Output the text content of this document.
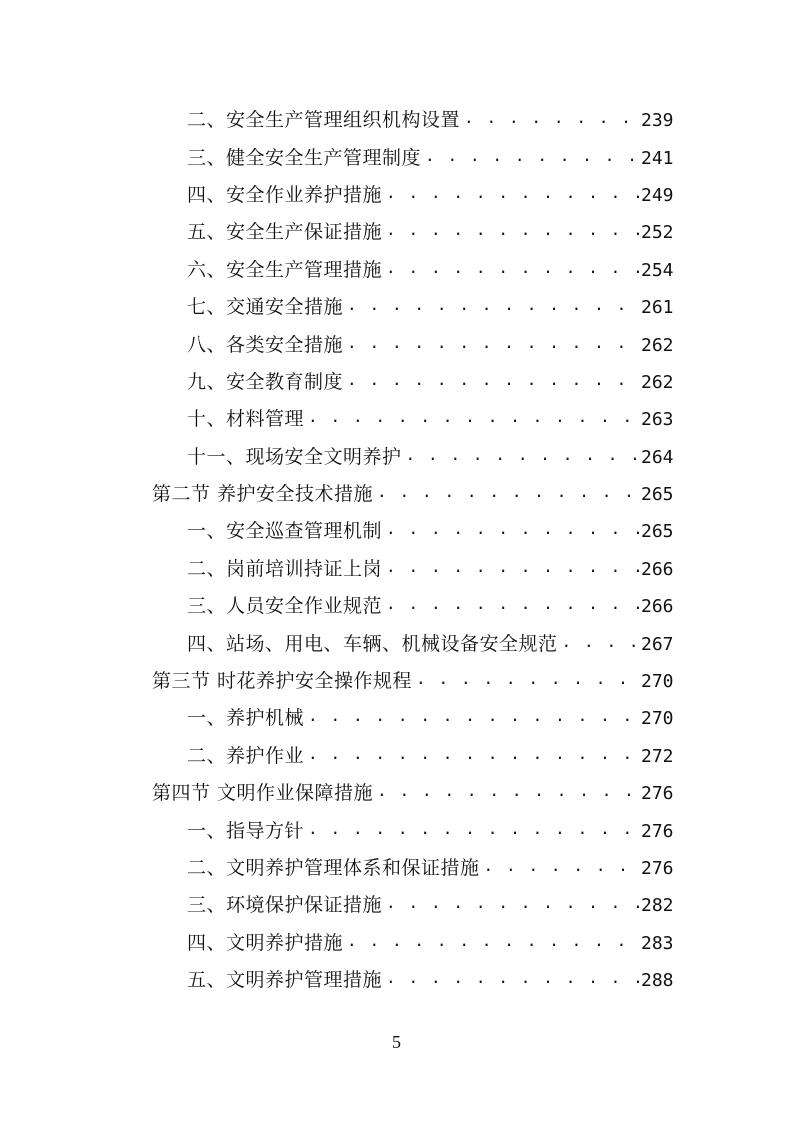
二、安全生产管理组织机构设置 . . .	239
三、健全安全生产管理制度 . . .	241
四、安全作业养护措施 . . .	249
五、安全生产保证措施 . . .	252
六、安全生产管理措施 . . .	254
七、交通安全措施 . . .	261
八、各类安全措施 . . .	262
九、安全教育制度 . . .	262
十、材料管理 . . .	263
十一、现场安全文明养护 . . .	264
第二节 养护安全技术措施 . . .	265
一、安全巡查管理机制 . . .	265
二、岗前培训持证上岗 . . .	266
三、人员安全作业规范 . . .	266
四、站场、用电、车辆、机械设备安全规范 . . .	267
第三节 时花养护安全操作规程 . . .	270
一、养护机械 . . .	270
二、养护作业 . . .	272
第四节 文明作业保障措施 . . .	276
一、指导方针 . . .	276
二、文明养护管理体系和保证措施 . . .	276
三、环境保护保证措施 . . .	282
四、文明养护措施 . . .	283
五、文明养护管理措施 . . .	288
5
